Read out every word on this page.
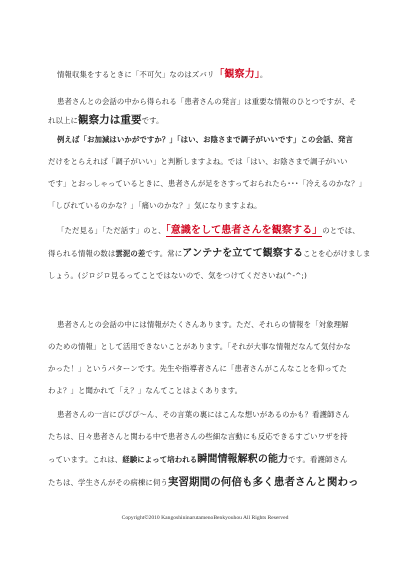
情報収集をするときに「不可欠」なのはズバリ「観察力」。
患者さんとの会話の中から得られる「患者さんの発言」は重要な情報のひとつですが、そ
れ以上に観察力は重要です。
例えば「お加減はいかがですか？」「はい、お陰さまで調子がいいです」この会話、発言
だけをとらえれば「調子がいい」と判断しますよね。では「はい、お陰さまで調子がいい
です」とおっしゃっているときに、患者さんが足をさすっておられたら･･･「冷えるのかな？」
「しびれているのかな？」「痛いのかな？」気になりますよね。
「ただ見る」「ただ話す」のと、「意識をして患者さんを観察する」のとでは、
得られる情報の数は雲泥の差です。常にアンテナを立てて観察することを心がけましま
しょう。(ジロジロ見るってことではないので、気をつけてくださいね(^-^;)
患者さんとの会話の中には情報がたくさんあります。ただ、それらの情報を「対象理解
のための情報」として活用できないことがあります。「それが大事な情報だなんて気付かな
かった！」というパターンです。先生や指導者さんに「患者さんがこんなことを仰ってた
わよ？」と聞かれて「え？」なんてことはよくあります。
患者さんの一言にぴぴぴ～ん、その言葉の裏にはこんな想いがあるのかも？看護師さん
たちは、日々患者さんと関わる中で患者さんの些細な言動にも反応できるすごいワザを持
っています。これは、経験によって培われる瞬間情報解釈の能力です。看護師さん
たちは、学生さんがその病棟に伺う実習期間の何倍も多く患者さんと関わっ
Copyright©2010 KangoshininarutamenoBenkyouhou All Rights Reserved
